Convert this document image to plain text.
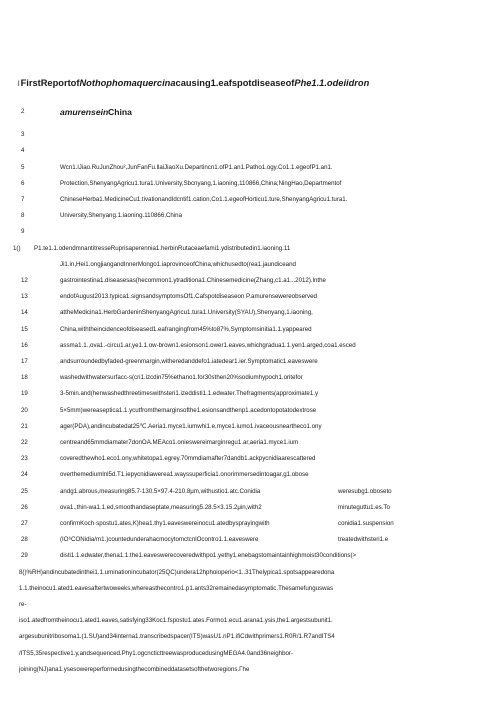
lFirstReportofNothophomaquercinacausing1.eafspotdiseaseofPhe1.1.odeiidron
2	amurensein China
3
4
5	Wcn1.lJiao.RuJunZhou²,JunFanFu.llaiJiaoXu.Departincn1.ofP1.an1.Patho1.ogy.Co1.1.egeofP1.an1.
6	Protection,ShenyangAgricu1.tura1.University,Sbcnyang,1.iaoning,110866,China;NingHao,Departmentof
7	ChineseHerba1.MedicineCu1.tivationandIdcntif1.cation,Co1.1.egeofHorticu1.ture,ShenyangAgricu1.tura1.
8	University,Shenyang.1.iaoning.110866,China
9
1()	P1.te1.1.odendmnantitresseRuprisaperennia1.herbinRutaceaefami1.ydistributedin1.iaoning.11
Ji1.in,Hei1.ongjiangandInnerMongo1.iaprovinceofChina,whichusedto(rea1.jaundiceand
12	gastrointestina1.diseasesas(hecommon1.ytraditiona1.Chinesemedicine(Zhang,c1.a1...2012).lnthe
13	endofAugust2013.typica1.signsandsymptomsOf1.Cafspotdiseaseon P.amurensewereobserved
14	attheMedicina1.HerbGardeninShenyangAgricu1.tura1.University(SYAU),Shenyang,1.iaoning,
15	China,withtheincidenceofdiseased1.eafrangingfrom45%to87%,Symptomsinitia1.1.yappeared
16	assma1.1.,ova1.-circu1.ar,ye1.1.ow-brown1.esionson1.ower1.eaves,whichgradua1.1.yen1.arged,coa1.esced
17	andsurroundedbyfaded-greenmargin,witheredanddefo1.iatedear1.ier.Symptomatic1.eaveswere
18	washedwithwatersurfacc-s(cri1.izcdin75%ethano1.for30sthen20%sodiumhypoch1.oritefor
19	3-5min.and(henwashedthreetimeswithsteri1.izeddisti1.1.edwater.Thefragments(approximate1.y
20	5×5mm)wereaseptica1.1.ycutfromthemarginsofthe1.esionsandthenp1.acedontopotatodextrose
21	ager(PDA),andincubatedat25℃.Aeria1.myce1.iumwhi1.e,myce1.iumo1.ivaceousneartheco1.ony
22	centreand65mmdiamater7donOA.MEAco1.onieswereimarginregu1.ar,aeria1.myce1.ium
23	coveredthewho1.eco1.ony,whitetopa1.egrey.70mmdiamafter7dandb1.ackpycnidiaarescattered
24	overthemediumlnl5d.T1.iepycnidiawerea1.wayssuperficia1.onorimmersedintoagar,g1.obose
25	andg1.abrous,measuring85.7-130.5×97.4-210.8μm,withustio1.atc.Conidia	weresubg1.oboseto
26	ova1.,thin-wa1.1.ed,smoothandaseptate,measuring5.28.5×3.15.2μin,with2	minuteguttu1.es.To
27	confirmKoch·spostu1.ates,K)hea1.thy1.eaveswereinocu1.atedbysprayingwith	conidia1.suspension
28	(IO⁶CONidia/m1.)countedunderahacmocytomctcnlOcontro1.1.eaveswere	treatedwithsteri1.e
29	disti1.1.edwater,thena1.1.the1.eaveswerecoveredwithpo1.yethy1.enebagstomaintainhighmoist30conditions(>
8()%RH)andincubatedinthei1.1.uminationincubator(25QC)undera12hphoioperio<1..31Thelypica1.spotsappearedona
1.1.theinocu1.ated1.eavesaftertwoweeks,whereasthecontro1.p1.ants32remainedasymptomatic.Thesamefunguswas
re-
iso1.atedfromtheinocu1.ated1.eaves,satisfying33Koc1.fspostu1.ates.Formo1.ecu1.arana1.ysis,the1.argestsubunit1.
argesubunitribosoma1.(1.SU)and34interna1.transcribedspacer(ITS)wasU1.nP1.ifiCdwithprimers1.R0R/1.R7andITS4
/ITS5,35respective1.y,andsequenced.Phy1.ogcncticttreewasproducedusingMEGA4.0and36neighbor-
joining(NJ)ana1.ysesowereperformedusingthecombineddatasetsofthetworegions.Γhe
